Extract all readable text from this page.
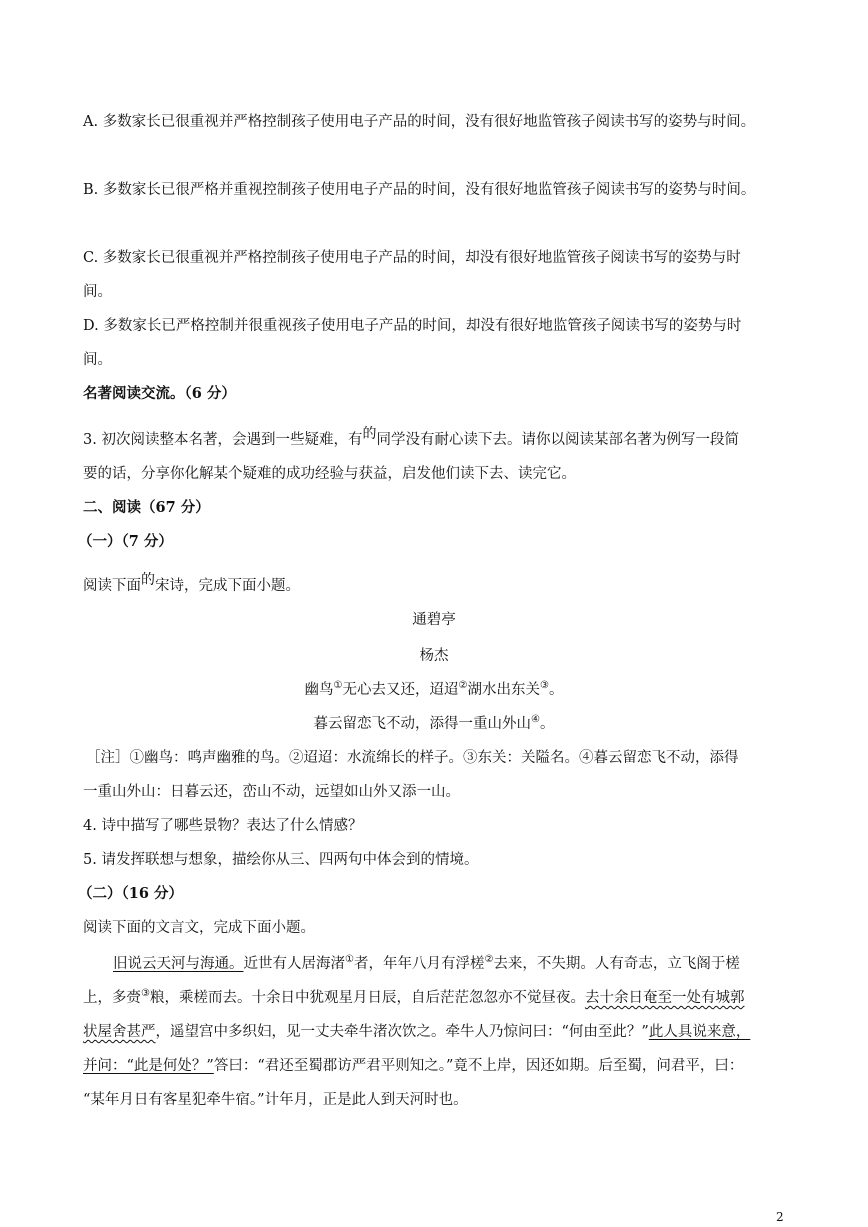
A. 多数家长已很重视并严格控制孩子使用电子产品的时间，没有很好地监管孩子阅读书写的姿势与时间。
B. 多数家长已很严格并重视控制孩子使用电子产品的时间，没有很好地监管孩子阅读书写的姿势与时间。
C. 多数家长已很重视并严格控制孩子使用电子产品的时间，却没有很好地监管孩子阅读书写的姿势与时
间。
D. 多数家长已严格控制并很重视孩子使用电子产品的时间，却没有很好地监管孩子阅读书写的姿势与时
间。
名著阅读交流。（6 分）
3. 初次阅读整本名著，会遇到一些疑难，有的同学没有耐心读下去。请你以阅读某部名著为例写一段简
要的话，分享你化解某个疑难的成功经验与获益，启发他们读下去、读完它。
二、阅读（67 分）
（一）（7 分）
阅读下面的宋诗，完成下面小题。
通碧亭
杨杰
幽鸟①无心去又还，迢迢②湖水出东关③。
暮云留恋飞不动，添得一重山外山④。
［注］①幽鸟：鸣声幽雅的鸟。②迢迢：水流绵长的样子。③东关：关隘名。④暮云留恋飞不动，添得
一重山外山：日暮云还，峦山不动，远望如山外又添一山。
4. 诗中描写了哪些景物？表达了什么情感？
5. 请发挥联想与想象，描绘你从三、四两句中体会到的情境。
（二）（16 分）
阅读下面的文言文，完成下面小题。
旧说云天河与海通。近世有人居海渚①者，年年八月有浮槎②去来，不失期。人有奇志，立飞阁于槎
上，多赍③粮，乘槎而去。十余日中犹观星月日辰，自后茫茫忽忽亦不觉昼夜。去十余日奄至一处有城郭
状屋舍甚严，遥望宫中多织妇，见一丈夫牵牛渚次饮之。牵牛人乃惊问曰：“何由至此？”此人具说来意，
并问：“此是何处？”答曰：“君还至蜀郡访严君平则知之。”竟不上岸，因还如期。后至蜀，问君平，曰：
“某年月日有客星犯牵牛宿。”计年月，正是此人到天河时也。
2
